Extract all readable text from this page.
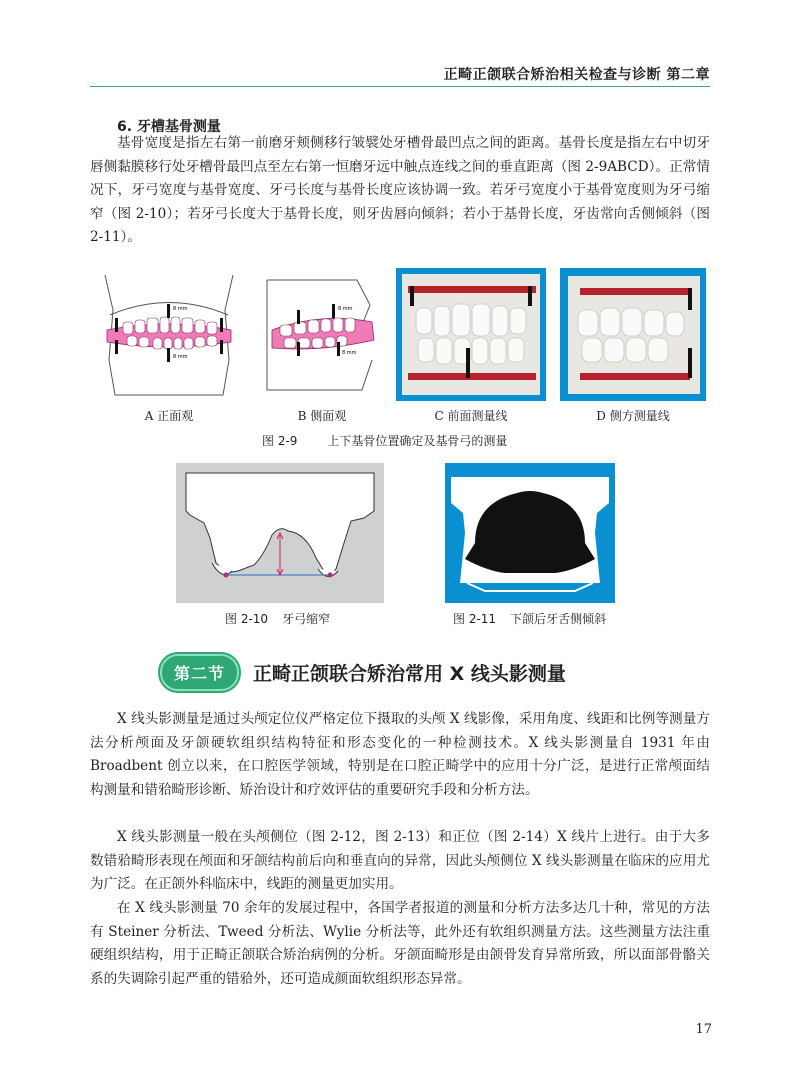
正畸正颌联合矫治相关检查与诊断 第二章
6. 牙槽基骨测量

基骨宽度是指左右第一前磨牙颊侧移行皱襞处牙槽骨最凹点之间的距离。基骨长度是指左右中切牙唇侧黏膜移行处牙槽骨最凹点至左右第一恒磨牙远中触点连线之间的垂直距离（图 2-9ABCD）。正常情况下，牙弓宽度与基骨宽度、牙弓长度与基骨长度应该协调一致。若牙弓宽度小于基骨宽度则为牙弓缩窄（图 2-10）；若牙弓长度大于基骨长度，则牙齿唇向倾斜；若小于基骨长度，牙齿常向舌侧倾斜（图 2-11）。

8 mm
8 mm
8 mm
8 mm
A 正面观	B 侧面观	C 前面测量线	D 侧方测量线
图 2-9	上下基骨位置确定及基骨弓的测量
图 2-10 牙弓缩窄	图 2-11 下颌后牙舌侧倾斜
第二节	正畸正颌联合矫治常用 X 线头影测量

X 线头影测量是通过头颅定位仪严格定位下摄取的头颅 X 线影像，采用角度、线距和比例等测量方法分析颅面及牙颌硬软组织结构特征和形态变化的一种检测技术。X 线头影测量自 1931 年由 Broadbent 创立以来，在口腔医学领域，特别是在口腔正畸学中的应用十分广泛，是进行正常颅面结构测量和错𬌗畸形诊断、矫治设计和疗效评估的重要研究手段和分析方法。

X 线头影测量一般在头颅侧位（图 2-12，图 2-13）和正位（图 2-14）X 线片上进行。由于大多数错𬌗畸形表现在颅面和牙颌结构前后向和垂直向的异常，因此头颅侧位 X 线头影测量在临床的应用尤为广泛。在正颌外科临床中，线距的测量更加实用。

在 X 线头影测量 70 余年的发展过程中，各国学者报道的测量和分析方法多达几十种，常见的方法有 Steiner 分析法、Tweed 分析法、Wylie 分析法等，此外还有软组织测量方法。这些测量方法注重硬组织结构，用于正畸正颌联合矫治病例的分析。牙颌面畸形是由颌骨发育异常所致，所以面部骨骼关系的失调除引起严重的错𬌗外，还可造成颜面软组织形态异常。

17
